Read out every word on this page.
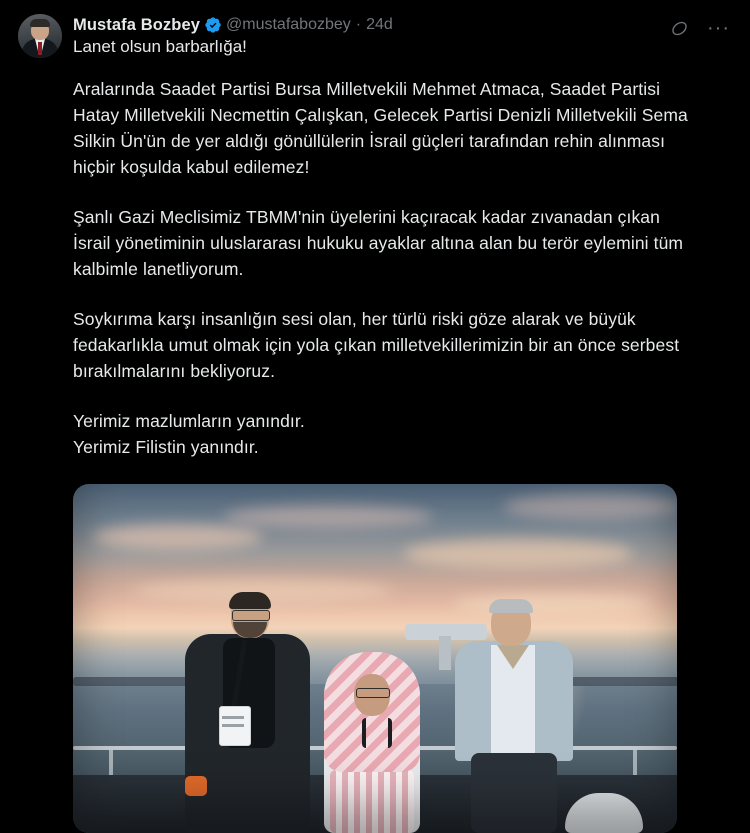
Mustafa Bozbey @mustafabozbey · 24d
Lanet olsun barbarlığa!
···

Aralarında Saadet Partisi Bursa Milletvekili Mehmet Atmaca, Saadet Partisi Hatay Milletvekili Necmettin Çalışkan, Gelecek Partisi Denizli Milletvekili Sema Silkin Ün'ün de yer aldığı gönüllülerin İsrail güçleri tarafından rehin alınması hiçbir koşulda kabul edilemez!

Şanlı Gazi Meclisimiz TBMM'nin üyelerini kaçıracak kadar zıvanadan çıkan İsrail yönetiminin uluslararası hukuku ayaklar altına alan bu terör eylemini tüm kalbimle lanetliyorum.

Soykırıma karşı insanlığın sesi olan, her türlü riski göze alarak ve büyük fedakarlıkla umut olmak için yola çıkan milletvekillerimizin bir an önce serbest bırakılmalarını bekliyoruz.

Yerimiz mazlumların yanındır.

Yerimiz Filistin yanındır.
